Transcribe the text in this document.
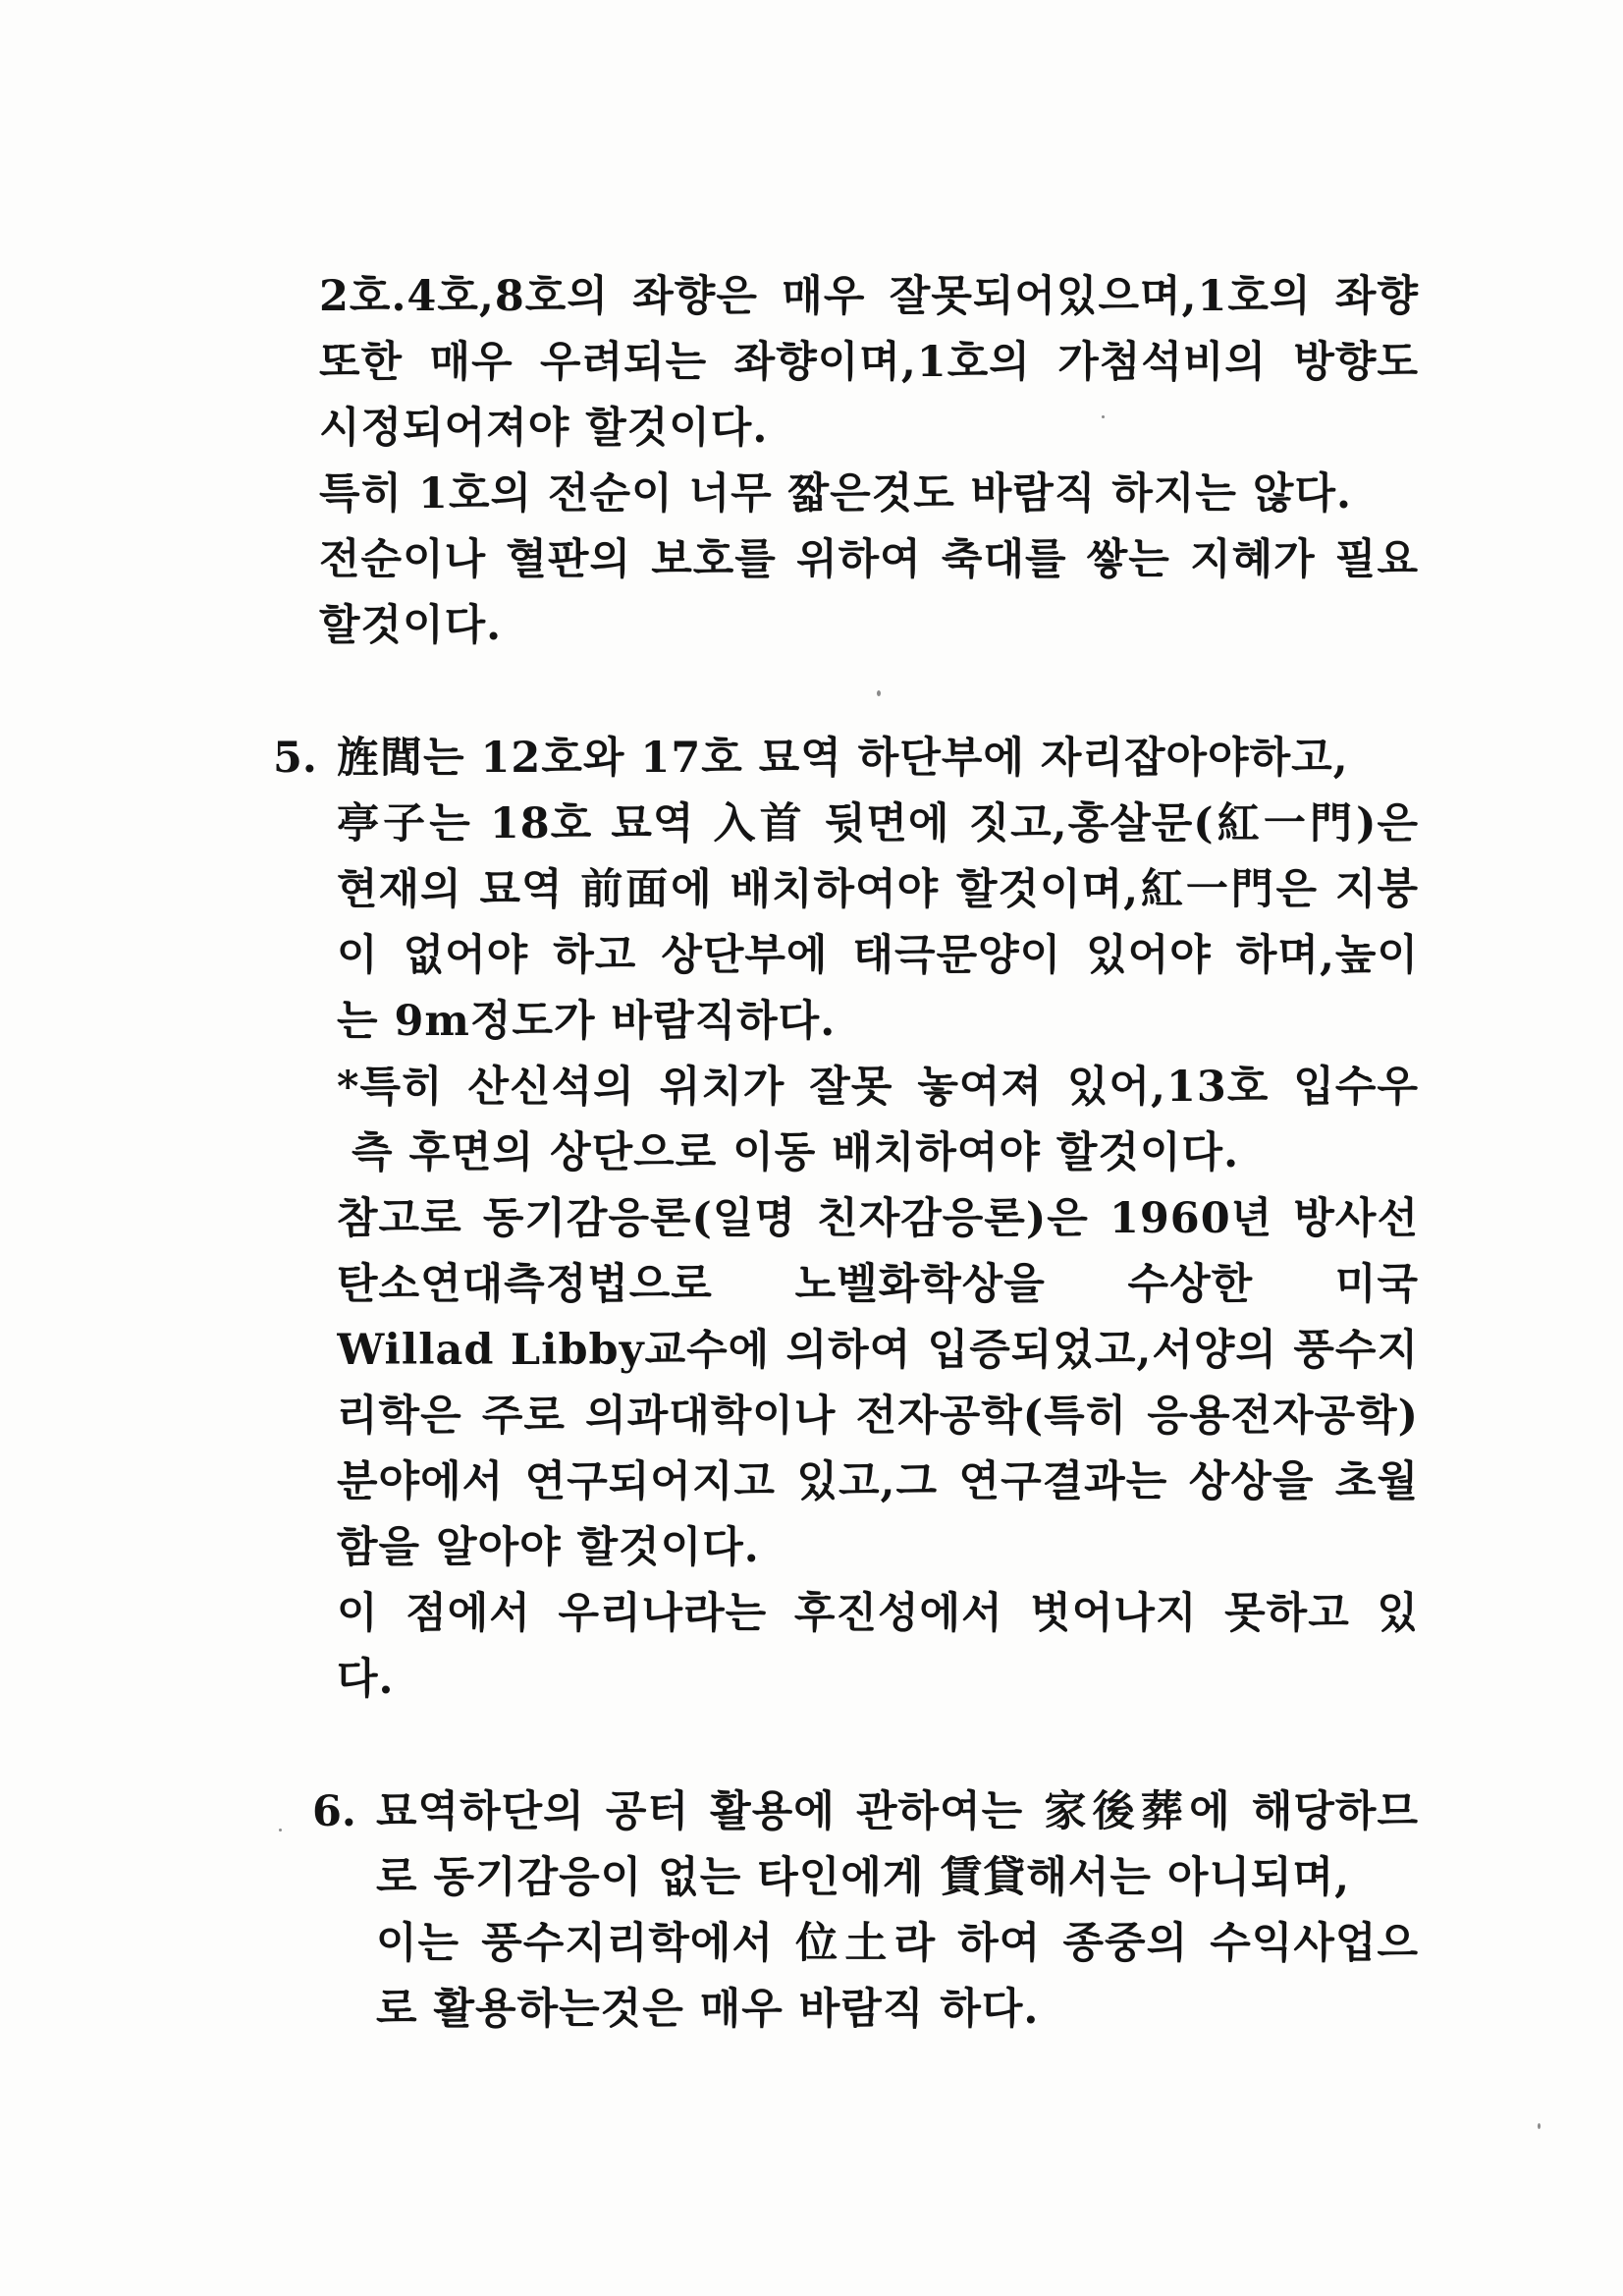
2호.4호,8호의 좌향은 매우 잘못되어있으며,1호의 좌향
또한 매우 우려되는 좌향이며,1호의 가첨석비의 방향도
시정되어져야 할것이다.
특히 1호의 전순이 너무 짧은것도 바람직 하지는 않다.
전순이나 혈판의 보호를 위하여 축대를 쌓는 지혜가 필요
할것이다.
5. 旌閭는 12호와 17호 묘역 하단부에 자리잡아야하고,
亭子는 18호 묘역 入首 뒷면에 짓고,홍살문(紅一門)은
현재의 묘역 前面에 배치하여야 할것이며,紅一門은 지붕
이 없어야 하고 상단부에 태극문양이 있어야 하며,높이
는 9m정도가 바람직하다.
*특히 산신석의 위치가 잘못 놓여져 있어,13호 입수우
측 후면의 상단으로 이동 배치하여야 할것이다.
참고로 동기감응론(일명 친자감응론)은 1960년 방사선
탄소연대측정법으로 노벨화학상을 수상한 미국
Willad Libby교수에 의하여 입증되었고,서양의 풍수지
리학은 주로 의과대학이나 전자공학(특히 응용전자공학)
분야에서 연구되어지고 있고,그 연구결과는 상상을 초월
함을 알아야 할것이다.
이 점에서 우리나라는 후진성에서 벗어나지 못하고 있
다.
6. 묘역하단의 공터 활용에 관하여는 家後葬에 해당하므
로 동기감응이 없는 타인에게 賃貸해서는 아니되며,
이는 풍수지리학에서 位土라 하여 종중의 수익사업으
로 활용하는것은 매우 바람직 하다.
